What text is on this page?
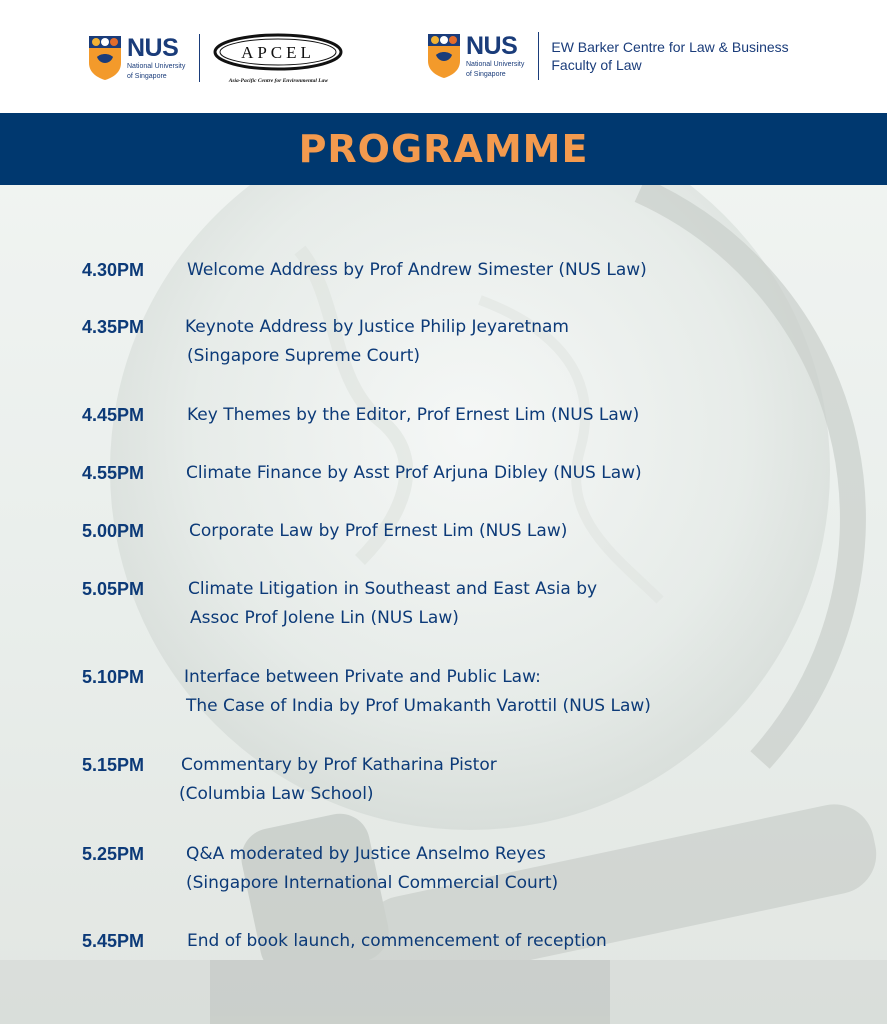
NUS
National University
of Singapore
APCEL
Asia-Pacific Centre for Environmental Law
NUS
National University
of Singapore
EW Barker Centre for Law & Business
Faculty of Law
PROGRAMME
4.30PM	Welcome Address by Prof Andrew Simester (NUS Law)
4.35PM Keynote Address by Justice Philip Jeyaretnam
(Singapore Supreme Court)
4.45PM	Key Themes by the Editor, Prof Ernest Lim (NUS Law)
4.55PM Climate Finance by Asst Prof Arjuna Dibley (NUS Law)
5.00PM	Corporate Law by Prof Ernest Lim (NUS Law)
5.05PM	Climate Litigation in Southeast and East Asia by
Assoc Prof Jolene Lin (NUS Law)
5.10PM Interface between Private and Public Law:
The Case of India by Prof Umakanth Varottil (NUS Law)
5.15PM Commentary by Prof Katharina Pistor
(Columbia Law School)
5.25PM Q&A moderated by Justice Anselmo Reyes
(Singapore International Commercial Court)
5.45PM	End of book launch, commencement of reception
